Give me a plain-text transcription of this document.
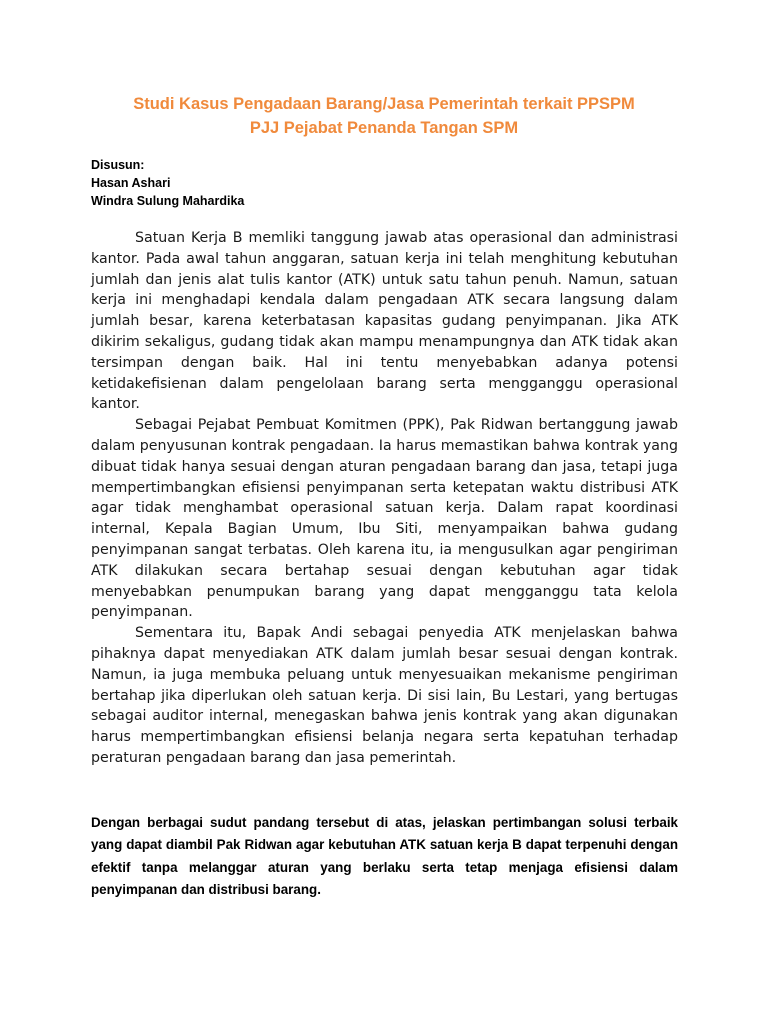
Studi Kasus Pengadaan Barang/Jasa Pemerintah terkait PPSPM
PJJ Pejabat Penanda Tangan SPM
Disusun:
Hasan Ashari
Windra Sulung Mahardika

Satuan Kerja B memliki tanggung jawab atas operasional dan administrasi kantor. Pada awal tahun anggaran, satuan kerja ini telah menghitung kebutuhan jumlah dan jenis alat tulis kantor (ATK) untuk satu tahun penuh. Namun, satuan kerja ini menghadapi kendala dalam pengadaan ATK secara langsung dalam jumlah besar, karena keterbatasan kapasitas gudang penyimpanan. Jika ATK dikirim sekaligus, gudang tidak akan mampu menampungnya dan ATK tidak akan tersimpan dengan baik. Hal ini tentu menyebabkan adanya potensi ketidakefisienan dalam pengelolaan barang serta mengganggu operasional kantor.

Sebagai Pejabat Pembuat Komitmen (PPK), Pak Ridwan bertanggung jawab dalam penyusunan kontrak pengadaan. Ia harus memastikan bahwa kontrak yang dibuat tidak hanya sesuai dengan aturan pengadaan barang dan jasa, tetapi juga mempertimbangkan efisiensi penyimpanan serta ketepatan waktu distribusi ATK agar tidak menghambat operasional satuan kerja. Dalam rapat koordinasi internal, Kepala Bagian Umum, Ibu Siti, menyampaikan bahwa gudang penyimpanan sangat terbatas. Oleh karena itu, ia mengusulkan agar pengiriman ATK dilakukan secara bertahap sesuai dengan kebutuhan agar tidak menyebabkan penumpukan barang yang dapat mengganggu tata kelola penyimpanan.

Sementara itu, Bapak Andi sebagai penyedia ATK menjelaskan bahwa pihaknya dapat menyediakan ATK dalam jumlah besar sesuai dengan kontrak. Namun, ia juga membuka peluang untuk menyesuaikan mekanisme pengiriman bertahap jika diperlukan oleh satuan kerja. Di sisi lain, Bu Lestari, yang bertugas sebagai auditor internal, menegaskan bahwa jenis kontrak yang akan digunakan harus mempertimbangkan efisiensi belanja negara serta kepatuhan terhadap peraturan pengadaan barang dan jasa pemerintah.

Dengan berbagai sudut pandang tersebut di atas, jelaskan pertimbangan solusi terbaik yang dapat diambil Pak Ridwan agar kebutuhan ATK satuan kerja B dapat terpenuhi dengan efektif tanpa melanggar aturan yang berlaku serta tetap menjaga efisiensi dalam penyimpanan dan distribusi barang.
